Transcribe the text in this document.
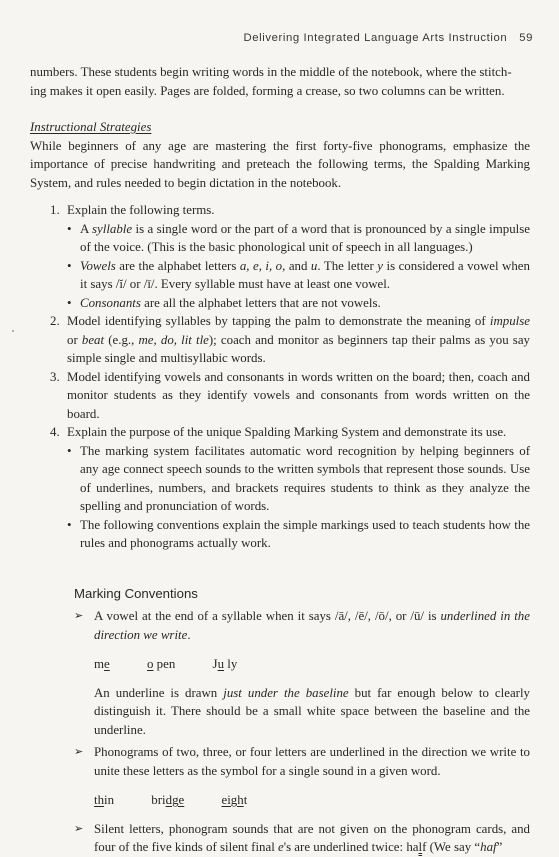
Delivering Integrated Language Arts Instruction 59

numbers. These students begin writing words in the middle of the notebook, where the stitch-
ing makes it open easily. Pages are folded, forming a crease, so two columns can be written.

Instructional Strategies

While beginners of any age are mastering the first forty-five phonograms, emphasize the importance of precise handwriting and preteach the following terms, the Spalding Marking System, and rules needed to begin dictation in the notebook.

1. Explain the following terms.
• A syllable is a single word or the part of a word that is pronounced by a single impulse of the voice. (This is the basic phonological unit of speech in all languages.)
• Vowels are the alphabet letters a, e, i, o, and u. The letter y is considered a vowel when it says /ĭ/ or /ī/. Every syllable must have at least one vowel.
• Consonants are all the alphabet letters that are not vowels.
2. Model identifying syllables by tapping the palm to demonstrate the meaning of impulse or beat (e.g., me, do, lit tle); coach and monitor as beginners tap their palms as you say simple single and multisyllabic words.
3. Model identifying vowels and consonants in words written on the board; then, coach and monitor students as they identify vowels and consonants from words written on the board.
4. Explain the purpose of the unique Spalding Marking System and demonstrate its use.
• The marking system facilitates automatic word recognition by helping beginners of any age connect speech sounds to the written symbols that represent those sounds. Use of underlines, numbers, and brackets requires students to think as they analyze the spelling and pronunciation of words.
• The following conventions explain the simple markings used to teach students how the rules and phonograms actually work.
Marking Conventions
➢ A vowel at the end of a syllable when it says /ā/, /ē/, /ō/, or /ū/ is underlined in the direction we write.
me	o pen	Ju ly

An underline is drawn just under the baseline but far enough below to clearly distinguish it. There should be a small white space between the baseline and the underline.

➢ Phonograms of two, three, or four letters are underlined in the direction we write to unite these letters as the symbol for a single sound in a given word.
thin	bridge	eight
➢ Silent letters, phonogram sounds that are not given on the phonogram cards, and four of the five kinds of silent final e's are underlined twice: half (We say “haf”
